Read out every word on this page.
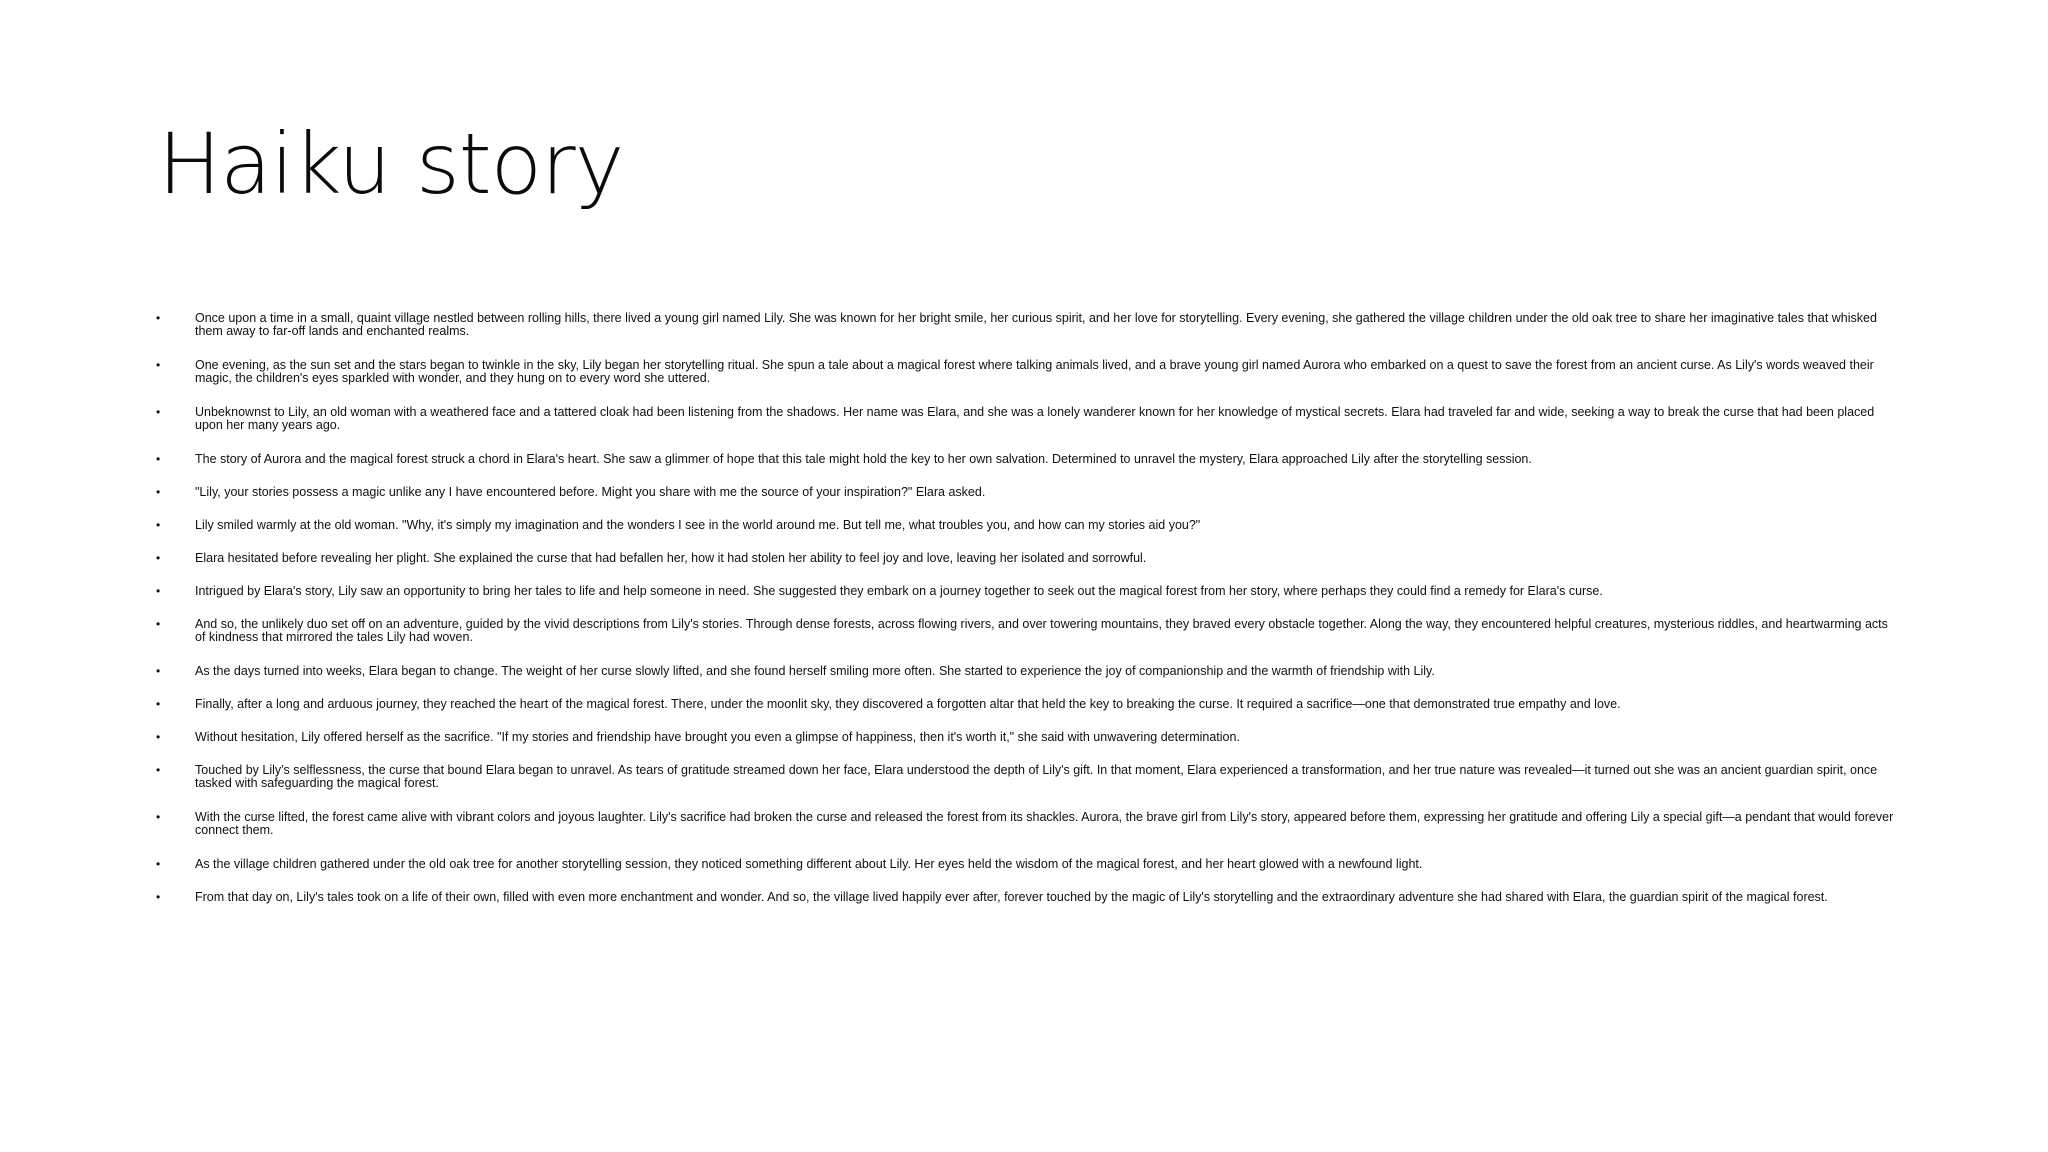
Haiku story
•	Once upon a time in a small, quaint village nestled between rolling hills, there lived a young girl named Lily. She was known for her bright smile, her curious spirit, and her love for storytelling. Every evening, she gathered the village children under the old oak tree to share her imaginative tales that whisked them away to far-off lands and enchanted realms.
•	One evening, as the sun set and the stars began to twinkle in the sky, Lily began her storytelling ritual. She spun a tale about a magical forest where talking animals lived, and a brave young girl named Aurora who embarked on a quest to save the forest from an ancient curse. As Lily's words weaved their magic, the children's eyes sparkled with wonder, and they hung on to every word she uttered.
•	Unbeknownst to Lily, an old woman with a weathered face and a tattered cloak had been listening from the shadows. Her name was Elara, and she was a lonely wanderer known for her knowledge of mystical secrets. Elara had traveled far and wide, seeking a way to break the curse that had been placed upon her many years ago.
•	The story of Aurora and the magical forest struck a chord in Elara's heart. She saw a glimmer of hope that this tale might hold the key to her own salvation. Determined to unravel the mystery, Elara approached Lily after the storytelling session.
•	"Lily, your stories possess a magic unlike any I have encountered before. Might you share with me the source of your inspiration?" Elara asked.
•	Lily smiled warmly at the old woman. "Why, it's simply my imagination and the wonders I see in the world around me. But tell me, what troubles you, and how can my stories aid you?"
•	Elara hesitated before revealing her plight. She explained the curse that had befallen her, how it had stolen her ability to feel joy and love, leaving her isolated and sorrowful.
•	Intrigued by Elara's story, Lily saw an opportunity to bring her tales to life and help someone in need. She suggested they embark on a journey together to seek out the magical forest from her story, where perhaps they could find a remedy for Elara's curse.
•	And so, the unlikely duo set off on an adventure, guided by the vivid descriptions from Lily's stories. Through dense forests, across flowing rivers, and over towering mountains, they braved every obstacle together. Along the way, they encountered helpful creatures, mysterious riddles, and heartwarming acts of kindness that mirrored the tales Lily had woven.
•	As the days turned into weeks, Elara began to change. The weight of her curse slowly lifted, and she found herself smiling more often. She started to experience the joy of companionship and the warmth of friendship with Lily.
•	Finally, after a long and arduous journey, they reached the heart of the magical forest. There, under the moonlit sky, they discovered a forgotten altar that held the key to breaking the curse. It required a sacrifice—one that demonstrated true empathy and love.
•	Without hesitation, Lily offered herself as the sacrifice. "If my stories and friendship have brought you even a glimpse of happiness, then it's worth it," she said with unwavering determination.
•	Touched by Lily's selflessness, the curse that bound Elara began to unravel. As tears of gratitude streamed down her face, Elara understood the depth of Lily's gift. In that moment, Elara experienced a transformation, and her true nature was revealed—it turned out she was an ancient guardian spirit, once tasked with safeguarding the magical forest.
•	With the curse lifted, the forest came alive with vibrant colors and joyous laughter. Lily's sacrifice had broken the curse and released the forest from its shackles. Aurora, the brave girl from Lily's story, appeared before them, expressing her gratitude and offering Lily a special gift—a pendant that would forever connect them.
•	As the village children gathered under the old oak tree for another storytelling session, they noticed something different about Lily. Her eyes held the wisdom of the magical forest, and her heart glowed with a newfound light.
•	From that day on, Lily's tales took on a life of their own, filled with even more enchantment and wonder. And so, the village lived happily ever after, forever touched by the magic of Lily's storytelling and the extraordinary adventure she had shared with Elara, the guardian spirit of the magical forest.
